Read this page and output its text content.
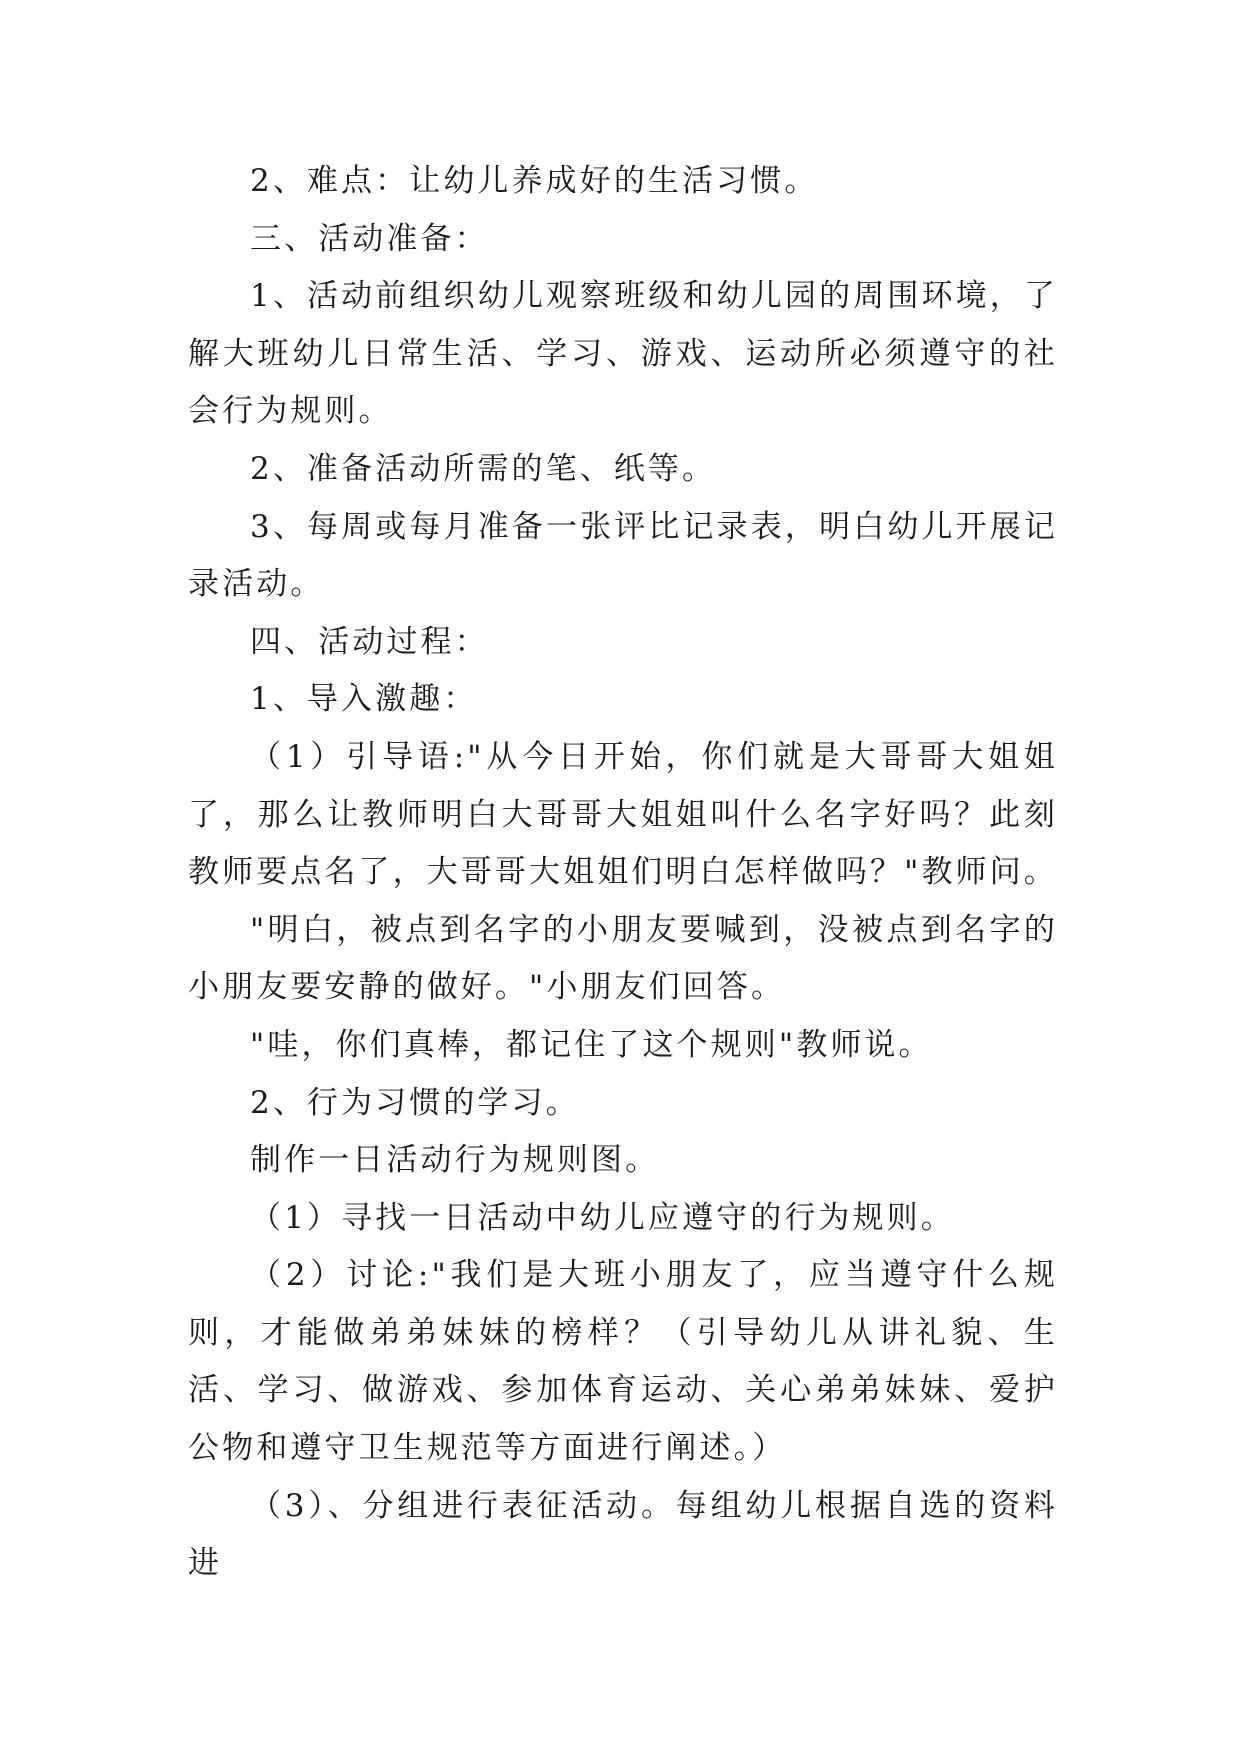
2、难点：让幼儿养成好的生活习惯。

三、活动准备：

1、活动前组织幼儿观察班级和幼儿园的周围环境，了解大班幼儿日常生活、学习、游戏、运动所必须遵守的社会行为规则。

2、准备活动所需的笔、纸等。

3、每周或每月准备一张评比记录表，明白幼儿开展记录活动。

四、活动过程：

1、导入激趣：

（1）引导语:"从今日开始，你们就是大哥哥大姐姐了，那么让教师明白大哥哥大姐姐叫什么名字好吗？此刻教师要点名了，大哥哥大姐姐们明白怎样做吗？"教师问。

"明白，被点到名字的小朋友要喊到，没被点到名字的小朋友要安静的做好。"小朋友们回答。

"哇，你们真棒，都记住了这个规则"教师说。

2、行为习惯的学习。

制作一日活动行为规则图。

（1）寻找一日活动中幼儿应遵守的行为规则。

（2）讨论:"我们是大班小朋友了，应当遵守什么规则，才能做弟弟妹妹的榜样？（引导幼儿从讲礼貌、生活、学习、做游戏、参加体育运动、关心弟弟妹妹、爱护公物和遵守卫生规范等方面进行阐述。）

（3）、分组进行表征活动。每组幼儿根据自选的资料进
